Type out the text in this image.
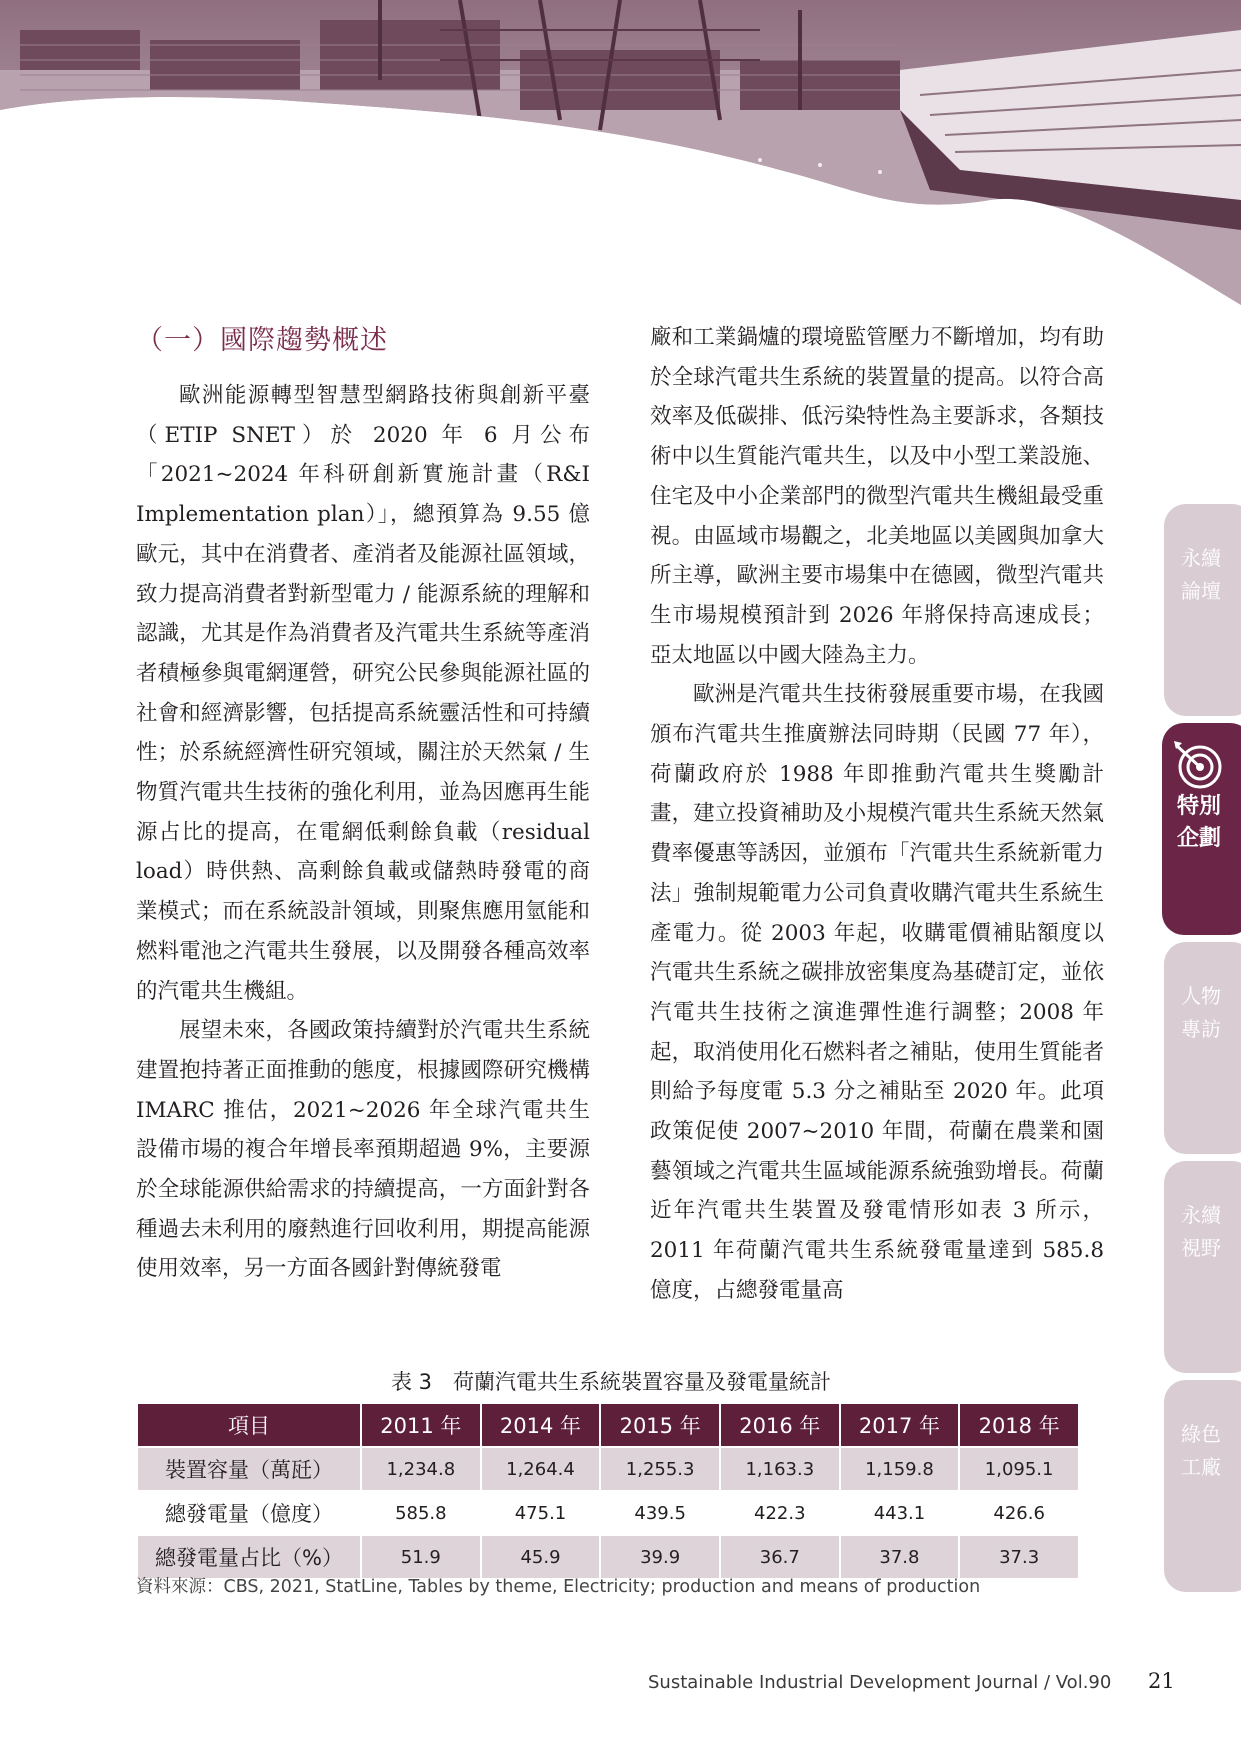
（一）國際趨勢概述

歐洲能源轉型智慧型網路技術與創新平臺（ETIP SNET）於 2020 年 6 月公布「2021~2024 年科研創新實施計畫（R&I Implementation plan）」，總預算為 9.55 億歐元，其中在消費者、產消者及能源社區領域，致力提高消費者對新型電力 / 能源系統的理解和認識，尤其是作為消費者及汽電共生系統等產消者積極參與電網運營，研究公民參與能源社區的社會和經濟影響，包括提高系統靈活性和可持續性；於系統經濟性研究領域，關注於天然氣 / 生物質汽電共生技術的強化利用，並為因應再生能源占比的提高，在電網低剩餘負載（residual load）時供熱、高剩餘負載或儲熱時發電的商業模式；而在系統設計領域，則聚焦應用氫能和燃料電池之汽電共生發展，以及開發各種高效率的汽電共生機組。

展望未來，各國政策持續對於汽電共生系統建置抱持著正面推動的態度，根據國際研究機構 IMARC 推估，2021~2026 年全球汽電共生設備市場的複合年增長率預期超過 9%，主要源於全球能源供給需求的持續提高，一方面針對各種過去未利用的廢熱進行回收利用，期提高能源使用效率，另一方面各國針對傳統發電

廠和工業鍋爐的環境監管壓力不斷增加，均有助於全球汽電共生系統的裝置量的提高。以符合高效率及低碳排、低污染特性為主要訴求，各類技術中以生質能汽電共生，以及中小型工業設施、住宅及中小企業部門的微型汽電共生機組最受重視。由區域市場觀之，北美地區以美國與加拿大所主導，歐洲主要市場集中在德國，微型汽電共生市場規模預計到 2026 年將保持高速成長；亞太地區以中國大陸為主力。

歐洲是汽電共生技術發展重要市場，在我國頒布汽電共生推廣辦法同時期（民國 77 年），荷蘭政府於 1988 年即推動汽電共生獎勵計畫，建立投資補助及小規模汽電共生系統天然氣費率優惠等誘因，並頒布「汽電共生系統新電力法」強制規範電力公司負責收購汽電共生系統生產電力。從 2003 年起，收購電價補貼額度以汽電共生系統之碳排放密集度為基礎訂定，並依汽電共生技術之演進彈性進行調整；2008 年起，取消使用化石燃料者之補貼，使用生質能者則給予每度電 5.3 分之補貼至 2020 年。此項政策促使 2007~2010 年間，荷蘭在農業和園藝領域之汽電共生區域能源系統強勁增長。荷蘭近年汽電共生裝置及發電情形如表 3 所示，2011 年荷蘭汽電共生系統發電量達到 585.8 億度，占總發電量高

表 3　荷蘭汽電共生系統裝置容量及發電量統計
項目	2011 年	2014 年	2015 年	2016 年	2017 年	2018 年
裝置容量（萬瓩）	1,234.8	1,264.4	1,255.3	1,163.3	1,159.8	1,095.1
總發電量（億度）	585.8	475.1	439.5	422.3	443.1	426.6
總發電量占比（%）	51.9	45.9	39.9	36.7	37.8	37.3
資料來源：CBS, 2021, StatLine, Tables by theme, Electricity; production and means of production
永續論壇
特別企劃
人物專訪
永續視野
綠色工廠
Sustainable Industrial Development Journal / Vol.90 21
